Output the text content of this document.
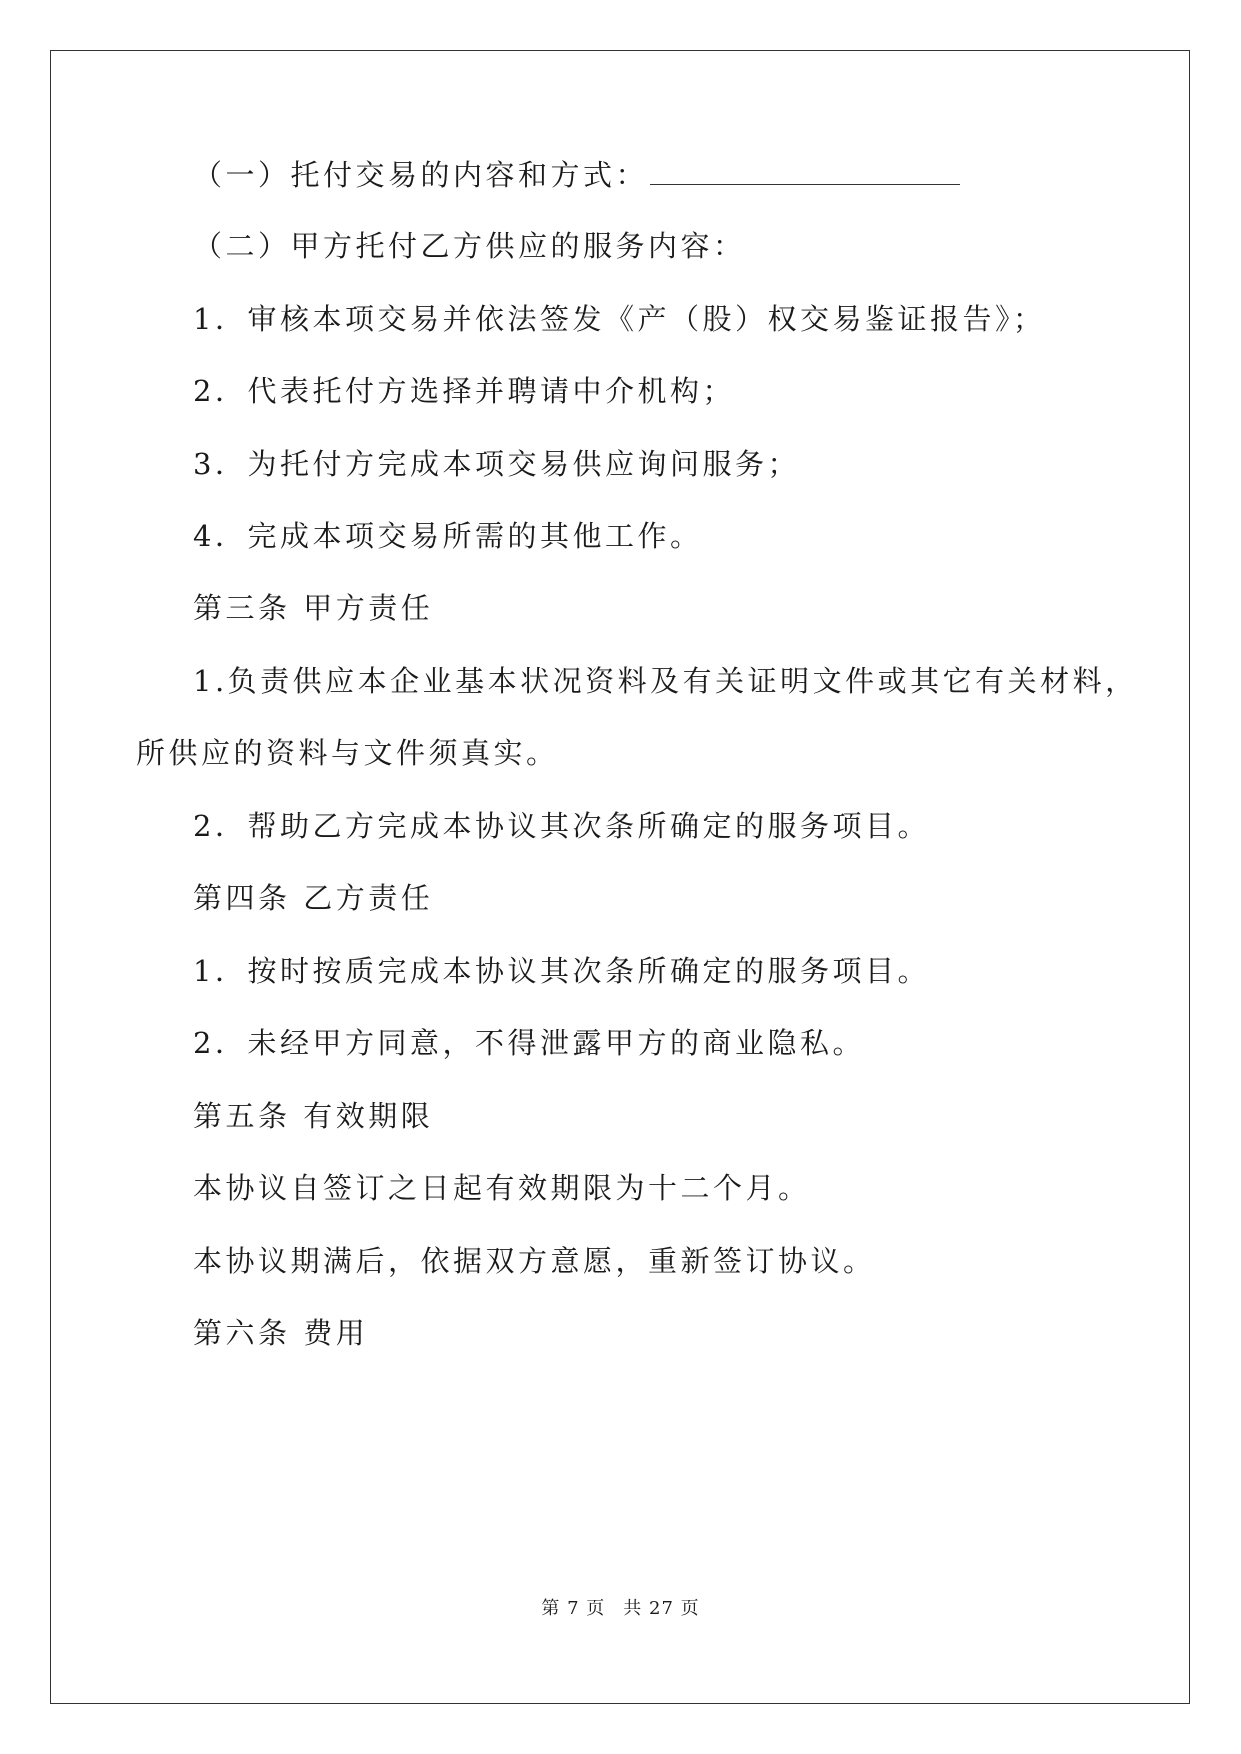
（一）托付交易的内容和方式：
（二）甲方托付乙方供应的服务内容：
1．审核本项交易并依法签发《产（股）权交易鉴证报告》；
2．代表托付方选择并聘请中介机构；
3．为托付方完成本项交易供应询问服务；
4．完成本项交易所需的其他工作。
第三条 甲方责任
1.负责供应本企业基本状况资料及有关证明文件或其它有关材料，
所供应的资料与文件须真实。
2．帮助乙方完成本协议其次条所确定的服务项目。
第四条 乙方责任
1．按时按质完成本协议其次条所确定的服务项目。
2．未经甲方同意，不得泄露甲方的商业隐私。
第五条 有效期限
本协议自签订之日起有效期限为十二个月。
本协议期满后，依据双方意愿，重新签订协议。
第六条 费用
第 7 页 共 27 页
